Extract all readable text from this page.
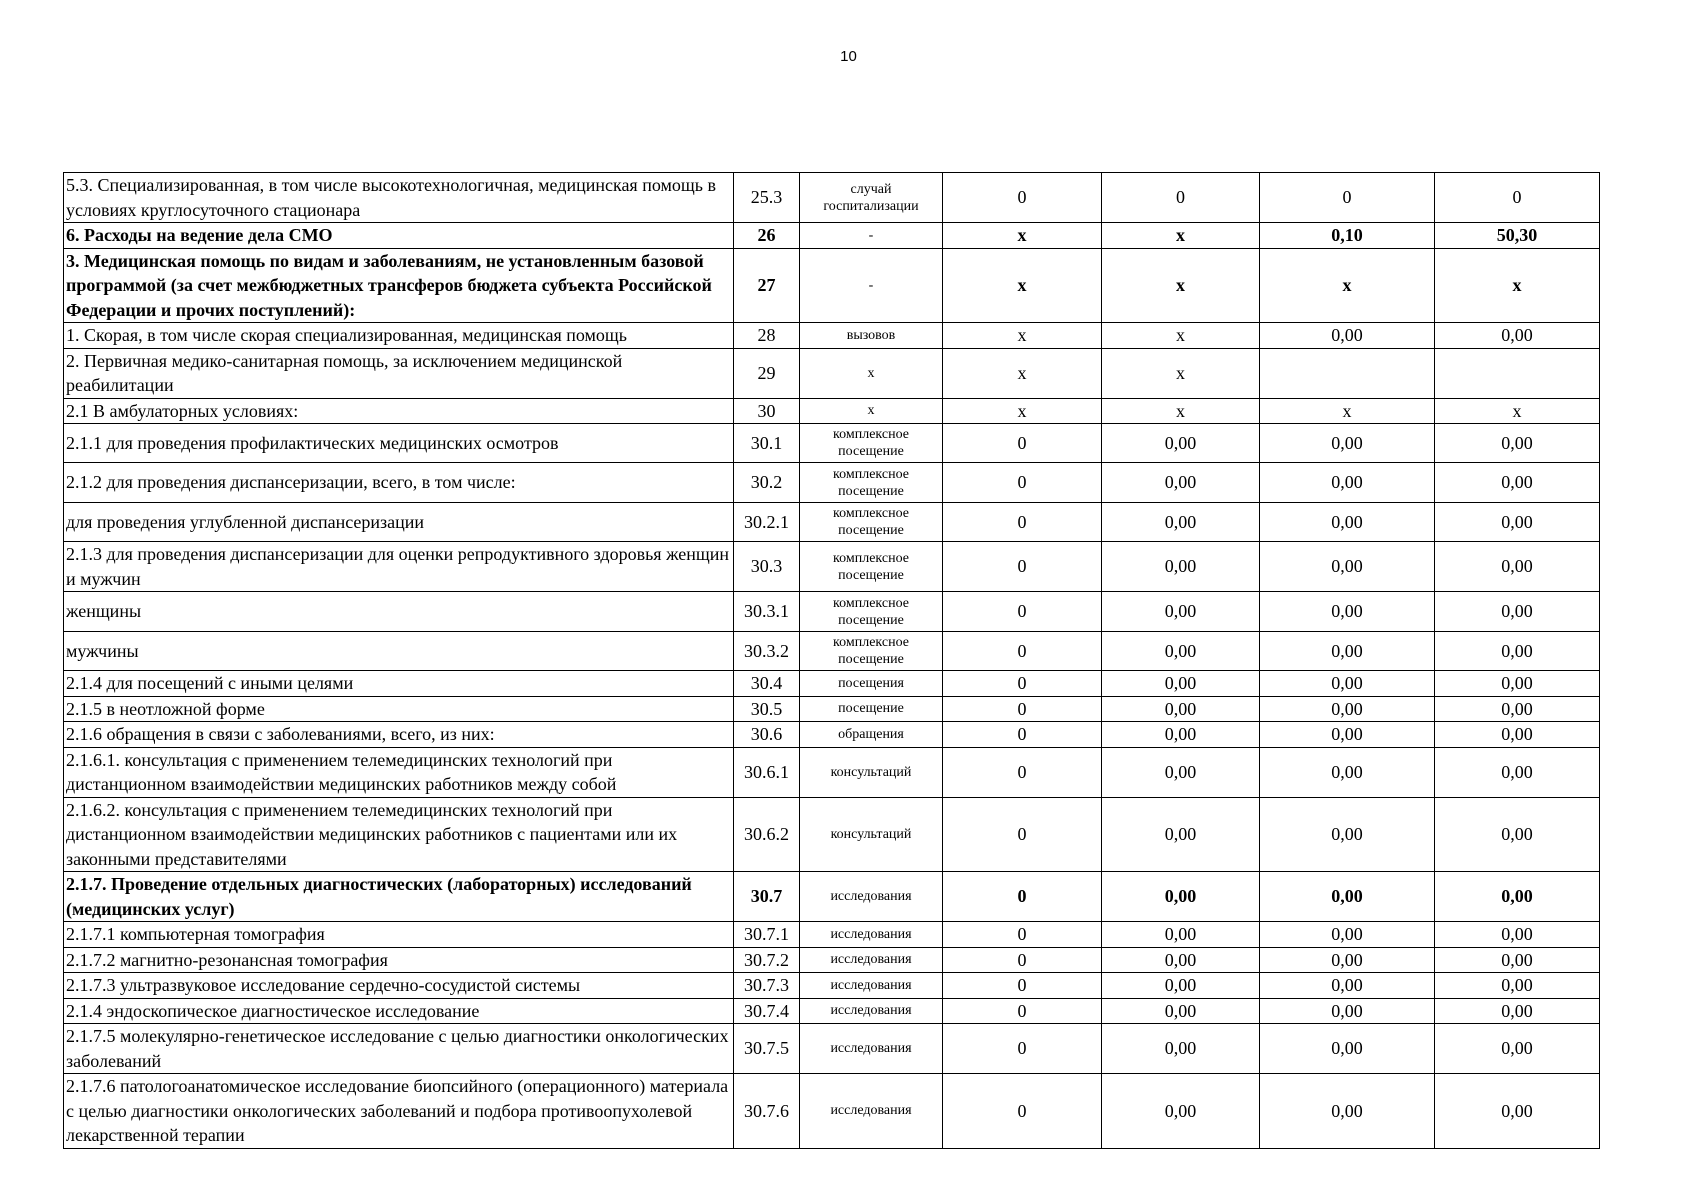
10
5.3. Специализированная, в том числе высокотехнологичная, медицинская помощь в условиях круглосуточного стационара	25.3	случай госпитализации	0	0	0	0
6. Расходы на ведение дела СМО	26	-	x	x	0,10	50,30
3. Медицинская помощь по видам и заболеваниям, не установленным базовой программой (за счет межбюджетных трансферов бюджета субъекта Российской Федерации и прочих поступлений):	27	-	x	x	x	x
1. Скорая, в том числе скорая специализированная, медицинская помощь	28	вызовов	x	x	0,00	0,00
2. Первичная медико-санитарная помощь, за исключением медицинской реабилитации	29	x	x	x		
2.1 В амбулаторных условиях:	30	x	x	x	x	x
2.1.1 для проведения профилактических медицинских осмотров	30.1	комплексное посещение	0	0,00	0,00	0,00
2.1.2 для проведения диспансеризации, всего, в том числе:	30.2	комплексное посещение	0	0,00	0,00	0,00
для проведения углубленной диспансеризации	30.2.1	комплексное посещение	0	0,00	0,00	0,00
2.1.3 для проведения диспансеризации для оценки репродуктивного здоровья женщин и мужчин	30.3	комплексное посещение	0	0,00	0,00	0,00
женщины	30.3.1	комплексное посещение	0	0,00	0,00	0,00
мужчины	30.3.2	комплексное посещение	0	0,00	0,00	0,00
2.1.4 для посещений с иными целями	30.4	посещения	0	0,00	0,00	0,00
2.1.5 в неотложной форме	30.5	посещение	0	0,00	0,00	0,00
2.1.6 обращения в связи с заболеваниями, всего, из них:	30.6	обращения	0	0,00	0,00	0,00
2.1.6.1. консультация с применением телемедицинских технологий при дистанционном взаимодействии медицинских работников между собой	30.6.1	консультаций	0	0,00	0,00	0,00
2.1.6.2. консультация с применением телемедицинских технологий при дистанционном взаимодействии медицинских работников с пациентами или их законными представителями	30.6.2	консультаций	0	0,00	0,00	0,00
2.1.7. Проведение отдельных диагностических (лабораторных) исследований (медицинских услуг)	30.7	исследования	0	0,00	0,00	0,00
2.1.7.1 компьютерная томография	30.7.1	исследования	0	0,00	0,00	0,00
2.1.7.2 магнитно-резонансная томография	30.7.2	исследования	0	0,00	0,00	0,00
2.1.7.3 ультразвуковое исследование сердечно-сосудистой системы	30.7.3	исследования	0	0,00	0,00	0,00
2.1.4 эндоскопическое диагностическое исследование	30.7.4	исследования	0	0,00	0,00	0,00
2.1.7.5 молекулярно-генетическое исследование с целью диагностики онкологических заболеваний	30.7.5	исследования	0	0,00	0,00	0,00
2.1.7.6 патологоанатомическое исследование биопсийного (операционного) материала с целью диагностики онкологических заболеваний и подбора противоопухолевой лекарственной терапии	30.7.6	исследования	0	0,00	0,00	0,00
